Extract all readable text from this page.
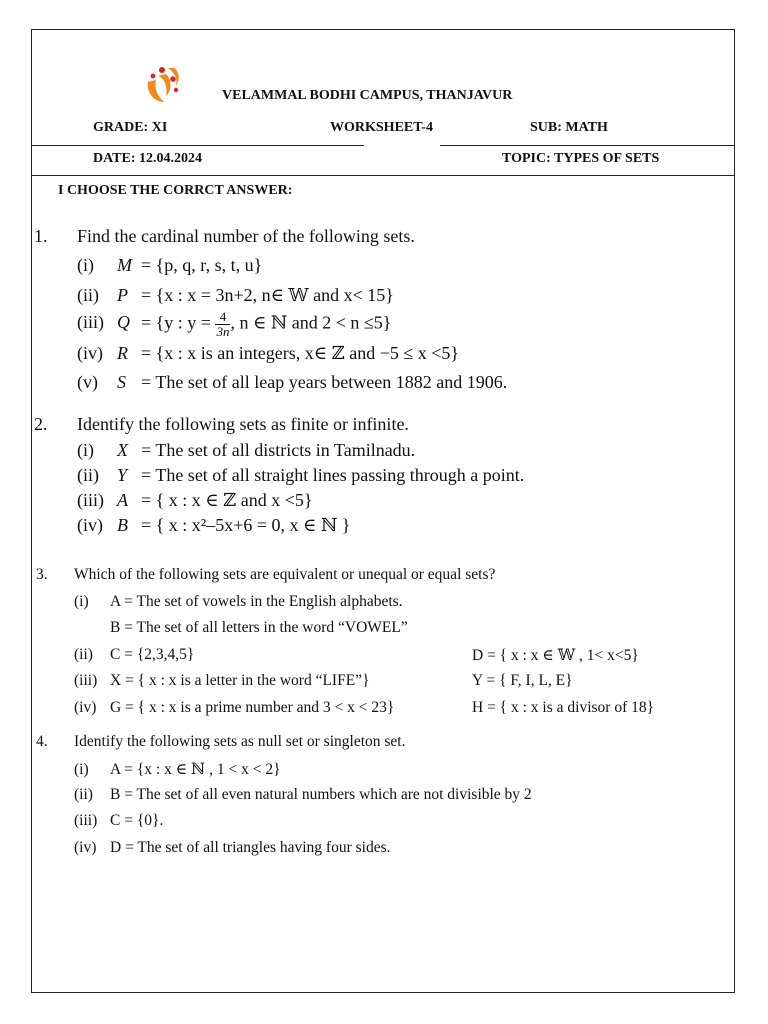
VELAMMAL BODHI CAMPUS, THANJAVUR
GRADE: XI	WORKSHEET-4	SUB: MATH
DATE: 12.04.2024	TOPIC: TYPES OF SETS
I CHOOSE THE CORRCT ANSWER:
1. Find the cardinal number of the following sets.
(i) M = {p, q, r, s, t, u}
(ii) P = {x : x = 3n+2, n∈ 𝕎 and x< 15}
(iii) Q = {y : $y = \frac{4}{3n}$ , n ∈ ℕ and 2 < n ≤5}
(iv) R = {x : x is an integers, x∈ ℤ and −5 ≤ x <5}
(v) S = The set of all leap years between 1882 and 1906.
2. Identify the following sets as finite or infinite.
(i) X = The set of all districts in Tamilnadu.
(ii) Y = The set of all straight lines passing through a point.
(iii) A = { x : x ∈ ℤ and x <5}
(iv) B = { x : x²–5x+6 = 0, x ∈ ℕ }
3. Which of the following sets are equivalent or unequal or equal sets?
(i) A = The set of vowels in the English alphabets.
B = The set of all letters in the word “VOWEL”
(ii) C = {2,3,4,5}	D = { x : x ∈ 𝕎 , 1< x<5}
(iii) X = { x : x is a letter in the word “LIFE”}	Y = { F, I, L, E}
(iv) G = { x : x is a prime number and 3 < x < 23}	H = { x : x is a divisor of 18}
4. Identify the following sets as null set or singleton set.
(i) A = {x : x ∈ ℕ , 1 < x < 2}
(ii) B = The set of all even natural numbers which are not divisible by 2
(iii) C = {0}.
(iv) D = The set of all triangles having four sides.
